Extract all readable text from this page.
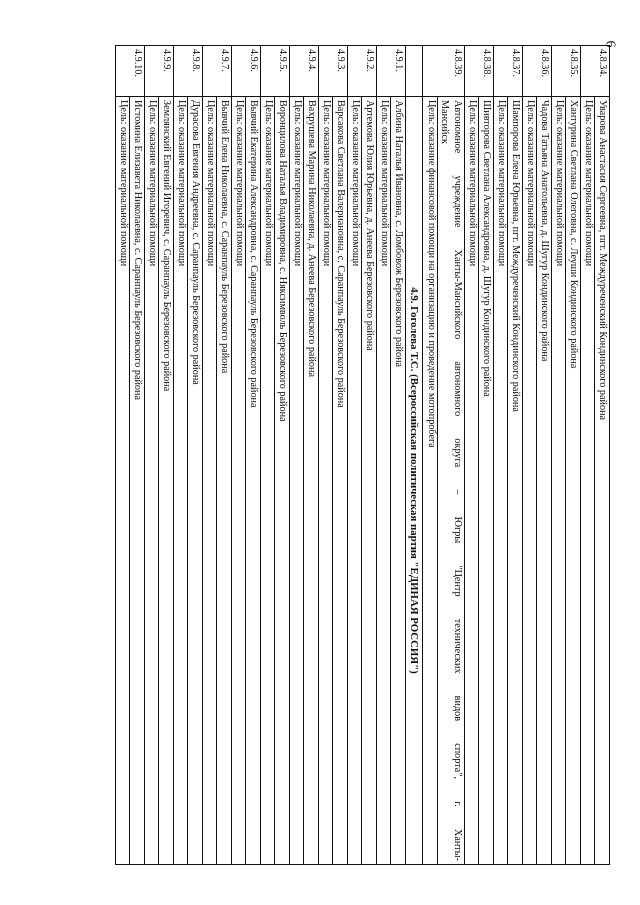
6
4.8.34.	Уварова Анастасия Сергеевна, пгт. Междуреченский Кондинского района
Цель: оказание материальной помощи

4.8.35.	Хантурина Светлана Олеговна, с. Леуши Кондинского района
Цель: оказание материальной помощи

4.8.36.	Чадова Татьяна Анатольевна, д. Шугур Кондинского района
Цель: оказание материальной помощи

4.8.37.	Шампорова Елена Юрьевна, пгт. Междуреченский Кондинского района
Цель: оказание материальной помощи

4.8.38.	Шивторова Светлана Александровна, д. Шугур Кондинского района
Цель: оказание материальной помощи

4.8.39.	Автономное учреждение Ханты-Мансийского автономного округа – Югры "Центр технических видов спорта", г. Ханты-
Мансийск
Цель: оказание финансовой помощи на организацию и проведение мотопробега

	4.9. Гоголева Т.С. (Всероссийская политическая партия "ЕДИНАЯ РОССИЯ")
4.9.1.	Албина Наталья Ивановна, с. Ломбовож Березовского района
Цель: оказание материальной помощи

4.9.2.	Артемова Юлия Юрьевна, д. Анеева Березовского района
Цель: оказание материальной помощи

4.9.3.	Варсакова Светлана Валериановна, с. Саранпауль Березовского района
Цель: оказание материальной помощи

4.9.4.	Вахрушева Марина Николаевна, д. Анеева Березовского района
Цель: оказание материальной помощи

4.9.5.	Воронцилова Наталья Владимировна, с. Няксимволь Березовского района
Цель: оказание материальной помощи

4.9.6.	Вывчий Екатерина Александровна, с. Саранпауль Березовского района
Цель: оказание материальной помощи

4.9.7.	Вывчий Елена Николаевна, с. Саранпауль Березовского района
Цель: оказание материальной помощи

4.9.8.	Дурасова Евгения Андреевна, с. Саранпауль Березовского района
Цель: оказание материальной помощи

4.9.9.	Землянский Евгений Игоревич, с. Саранпауль Березовского района
Цель: оказание материальной помощи

4.9.10.	Истомина Елизавета Николаевна, с. Саранпауль Березовского района
Цель: оказание материальной помощи
